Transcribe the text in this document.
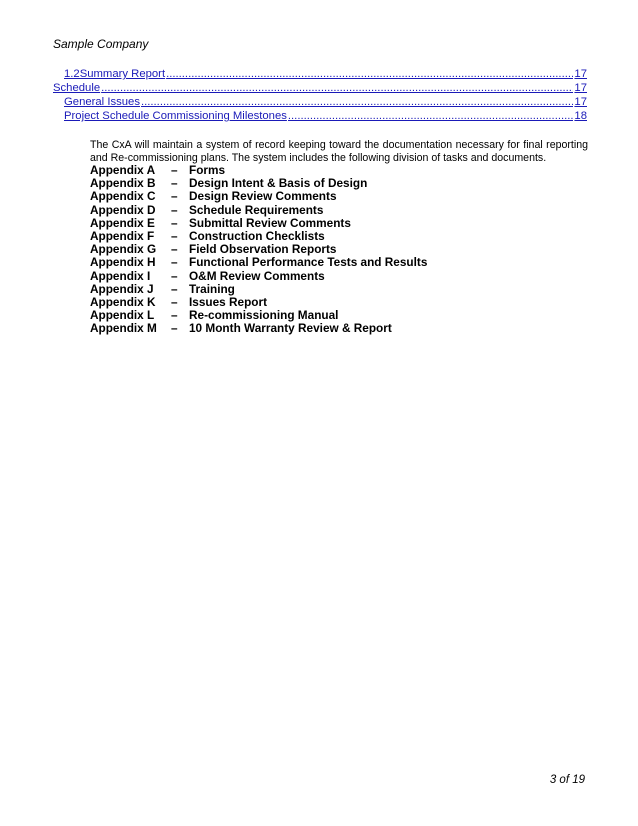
Sample Company
1.2Summary Report .....	17
Schedule .....	17
General Issues .....	17
Project Schedule Commissioning Milestones .....	18
The CxA will maintain a system of record keeping toward the documentation necessary for final reporting and Re-commissioning plans. The system includes the following division of tasks and documents.
Appendix A	– Forms
Appendix B	– Design Intent & Basis of Design
Appendix C	– Design Review Comments
Appendix D	– Schedule Requirements
Appendix E	– Submittal Review Comments
Appendix F	– Construction Checklists
Appendix G	– Field Observation Reports
Appendix H	– Functional Performance Tests and Results
Appendix I	– O&M Review Comments
Appendix J	– Training
Appendix K	– Issues Report
Appendix L	– Re-commissioning Manual
Appendix M	– 10 Month Warranty Review & Report
3 of 19
